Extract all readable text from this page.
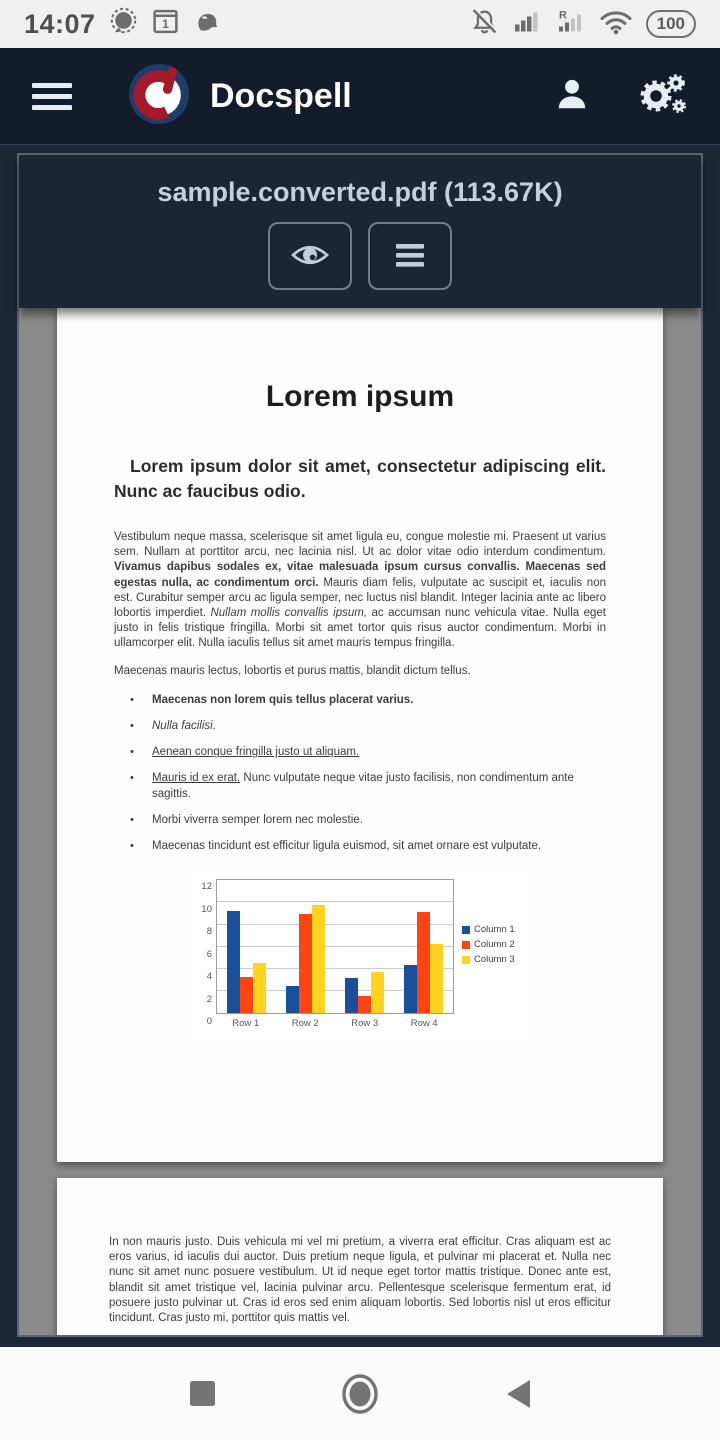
14:07	1
R	100
Docspell
sample.converted.pdf (113.67K)
Lorem ipsum
Lorem ipsum dolor sit amet, consectetur adipiscing elit. Nunc ac faucibus odio.

Vestibulum neque massa, scelerisque sit amet ligula eu, congue molestie mi. Praesent ut varius sem. Nullam at porttitor arcu, nec lacinia nisl. Ut ac dolor vitae odio interdum condimentum. Vivamus dapibus sodales ex, vitae malesuada ipsum cursus convallis. Maecenas sed egestas nulla, ac condimentum orci. Mauris diam felis, vulputate ac suscipit et, iaculis non est. Curabitur semper arcu ac ligula semper, nec luctus nisl blandit. Integer lacinia ante ac libero lobortis imperdiet. Nullam mollis convallis ipsum, ac accumsan nunc vehicula vitae. Nulla eget justo in felis tristique fringilla. Morbi sit amet tortor quis risus auctor condimentum. Morbi in ullamcorper elit. Nulla iaculis tellus sit amet mauris tempus fringilla.

Maecenas mauris lectus, lobortis et purus mattis, blandit dictum tellus.

• Maecenas non lorem quis tellus placerat varius.
• Nulla facilisi.
• Aenean congue fringilla justo ut aliquam.
• Mauris id ex erat. Nunc vulputate neque vitae justo facilisis, non condimentum ante sagittis.
• Morbi viverra semper lorem nec molestie.
• Maecenas tincidunt est efficitur ligula euismod, sit amet ornare est vulputate.
0
2
4
6
8
10
12
Row 1	Row 2	Row 3	Row 4
Column 1
Column 2
Column 3

In non mauris justo. Duis vehicula mi vel mi pretium, a viverra erat efficitur. Cras aliquam est ac eros varius, id iaculis dui auctor. Duis pretium neque ligula, et pulvinar mi placerat et. Nulla nec nunc sit amet nunc posuere vestibulum. Ut id neque eget tortor mattis tristique. Donec ante est, blandit sit amet tristique vel, lacinia pulvinar arcu. Pellentesque scelerisque fermentum erat, id posuere justo pulvinar ut. Cras id eros sed enim aliquam lobortis. Sed lobortis nisl ut eros efficitur tincidunt. Cras justo mi, porttitor quis mattis vel.
